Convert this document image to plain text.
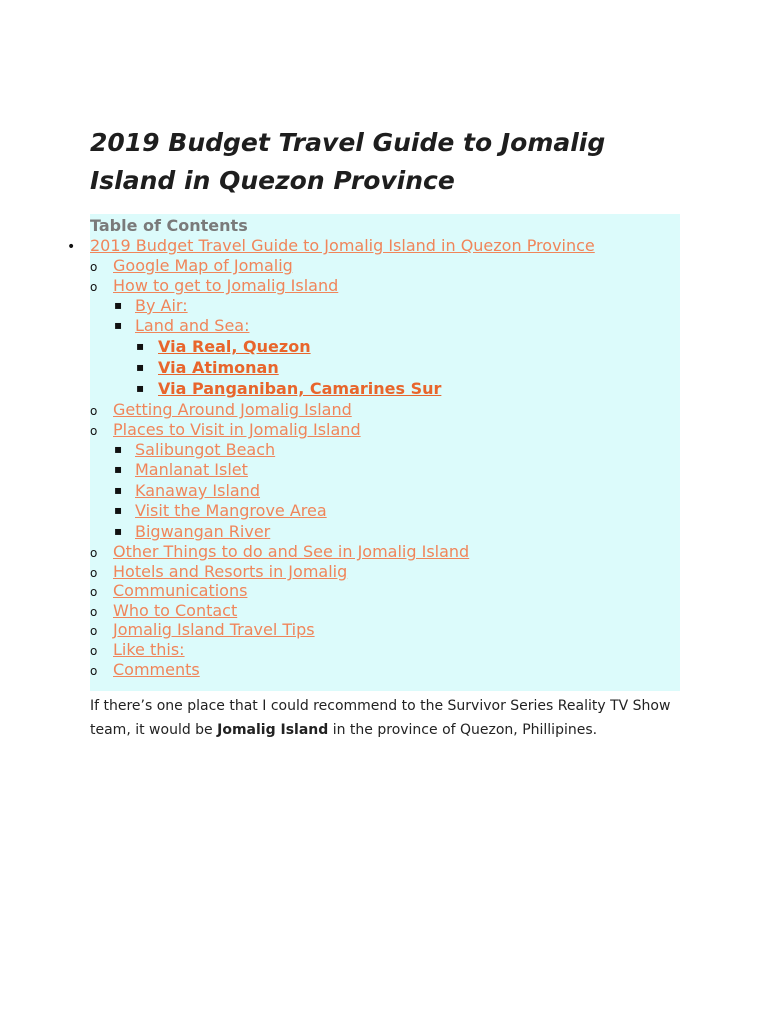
2019 Budget Travel Guide to Jomalig Island in Quezon Province
Table of Contents
• 2019 Budget Travel Guide to Jomalig Island in Quezon Province
o Google Map of Jomalig
o How to get to Jomalig Island
▪ By Air:
▪ Land and Sea:
▪ Via Real, Quezon
▪ Via Atimonan
▪ Via Panganiban, Camarines Sur
o Getting Around Jomalig Island
o Places to Visit in Jomalig Island
▪ Salibungot Beach
▪ Manlanat Islet
▪ Kanaway Island
▪ Visit the Mangrove Area
▪ Bigwangan River
o Other Things to do and See in Jomalig Island
o Hotels and Resorts in Jomalig
o Communications
o Who to Contact
o Jomalig Island Travel Tips
o Like this:
o Comments

If there’s one place that I could recommend to the Survivor Series Reality TV Show team, it would be Jomalig Island in the province of Quezon, Phillipines.
